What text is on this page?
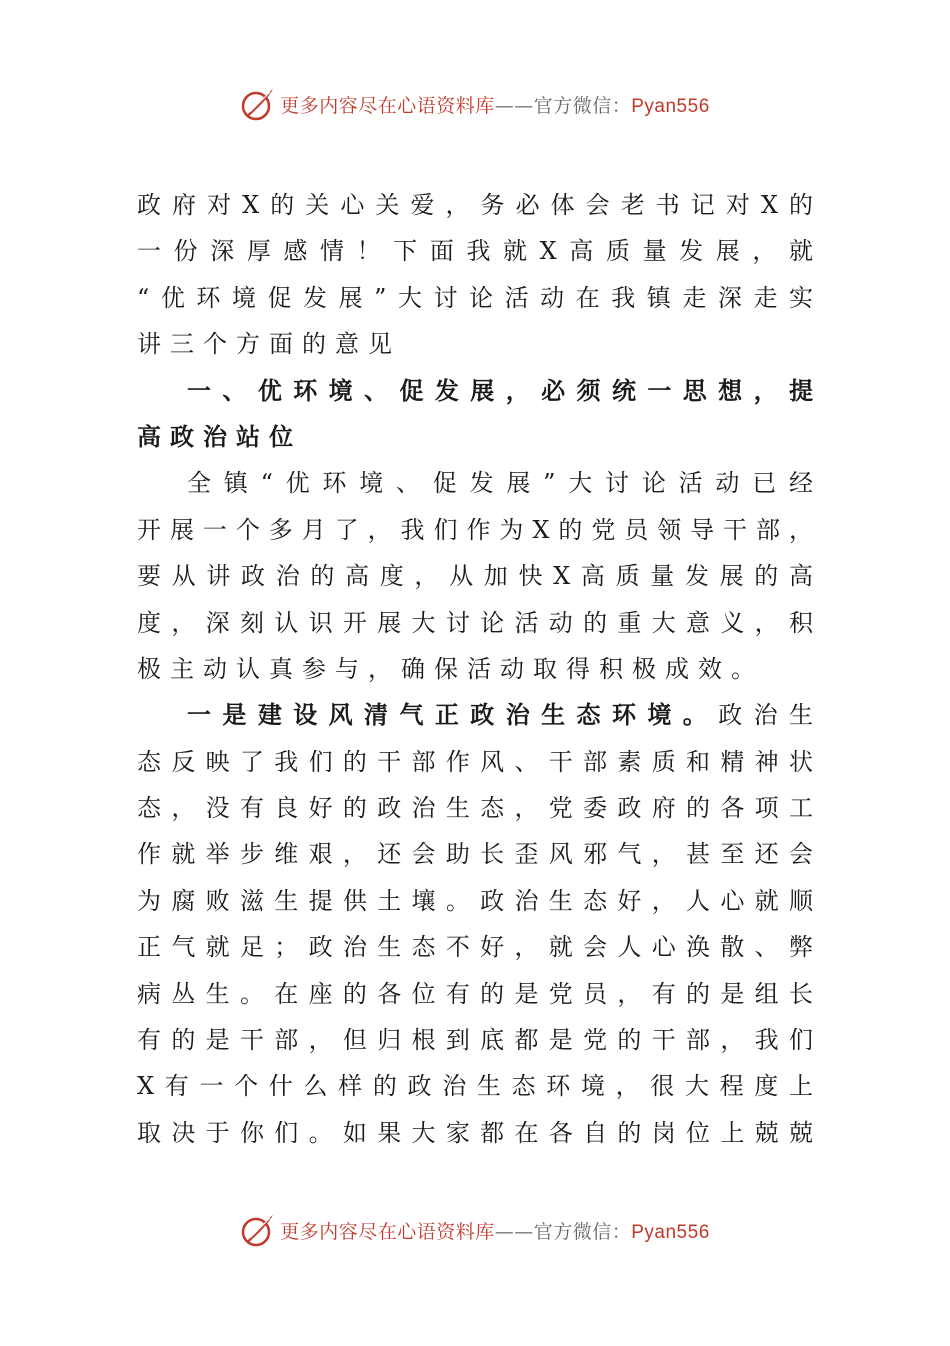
更多内容尽在心语资料库——官方微信：Pyan556
政府对X的关心关爱，务必体会老书记对X的
一份深厚感情！下面我就X高质量发展，就
“优环境促发展”大讨论活动在我镇走深走实
讲三个方面的意见
一、优环境、促发展，必须统一思想，提
高政治站位
全镇“优环境、促发展”大讨论活动已经
开展一个多月了，我们作为X的党员领导干部，
要从讲政治的高度，从加快X高质量发展的高
度，深刻认识开展大讨论活动的重大意义，积
极主动认真参与，确保活动取得积极成效。
一是建设风清气正政治生态环境。政治生
态反映了我们的干部作风、干部素质和精神状
态，没有良好的政治生态，党委政府的各项工
作就举步维艰，还会助长歪风邪气，甚至还会
为腐败滋生提供土壤。政治生态好，人心就顺
正气就足；政治生态不好，就会人心涣散、弊
病丛生。在座的各位有的是党员，有的是组长
有的是干部，但归根到底都是党的干部，我们
X有一个什么样的政治生态环境，很大程度上
取决于你们。如果大家都在各自的岗位上兢兢
更多内容尽在心语资料库——官方微信：Pyan556
